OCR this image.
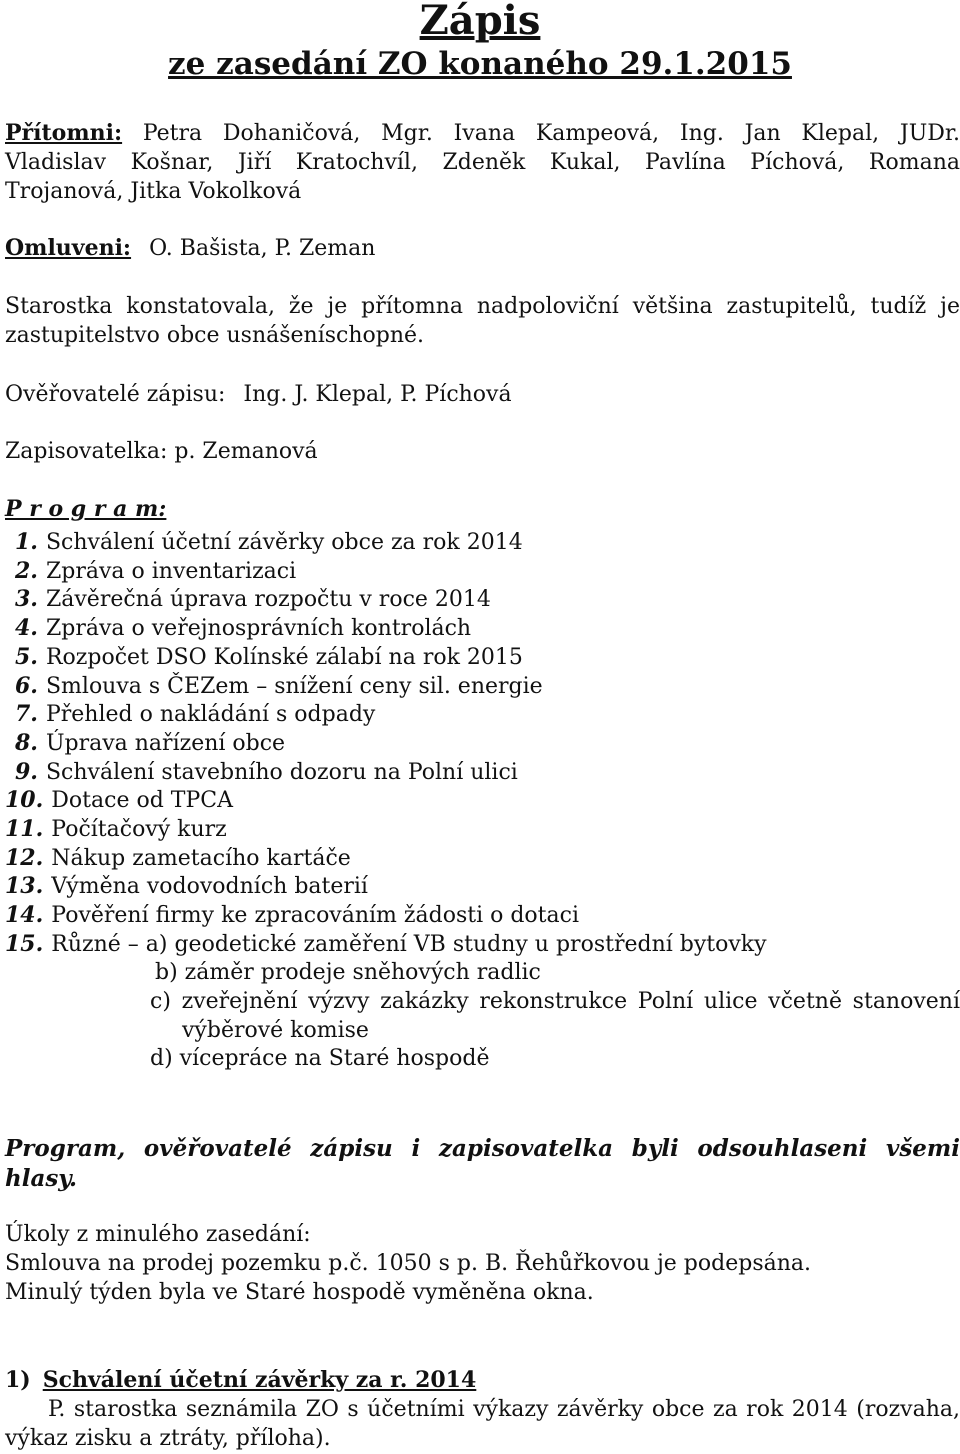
Zápis
ze zasedání ZO konaného 29.1.2015
Přítomni: Petra Dohaničová, Mgr. Ivana Kampeová, Ing. Jan Klepal, JUDr.
Vladislav Košnar, Jiří Kratochvíl, Zdeněk Kukal, Pavlína Píchová, Romana
Trojanová, Jitka Vokolková
Omluveni: O. Bašista, P. Zeman
Starostka konstatovala, že je přítomna nadpoloviční většina zastupitelů, tudíž je
zastupitelstvo obce usnášeníschopné.
Ověřovatelé zápisu: Ing. J. Klepal, P. Píchová
Zapisovatelka: p. Zemanová
P r o g r a m:
1. Schválení účetní závěrky obce za rok 2014
2. Zpráva o inventarizaci
3. Závěrečná úprava rozpočtu v roce 2014
4. Zpráva o veřejnosprávních kontrolách
5. Rozpočet DSO Kolínské zálabí na rok 2015
6. Smlouva s ČEZem – snížení ceny sil. energie
7. Přehled o nakládání s odpady
8. Úprava nařízení obce
9. Schválení stavebního dozoru na Polní ulici
10. Dotace od TPCA
11. Počítačový kurz
12. Nákup zametacího kartáče
13. Výměna vodovodních baterií
14. Pověření firmy ke zpracováním žádosti o dotaci
15. Různé – a) geodetické zaměření VB studny u prostřední bytovky
b) záměr prodeje sněhových radlic
c) zveřejnění výzvy zakázky rekonstrukce Polní ulice včetně stanovení
výběrové komise
d) vícepráce na Staré hospodě
Program, ověřovatelé zápisu i zapisovatelka byli odsouhlaseni všemi
hlasy.
Úkoly z minulého zasedání:
Smlouva na prodej pozemku p.č. 1050 s p. B. Řehůřkovou je podepsána.
Minulý týden byla ve Staré hospodě vyměněna okna.
1) Schválení účetní závěrky za r. 2014
P. starostka seznámila ZO s účetními výkazy závěrky obce za rok 2014 (rozvaha,
výkaz zisku a ztráty, příloha).
